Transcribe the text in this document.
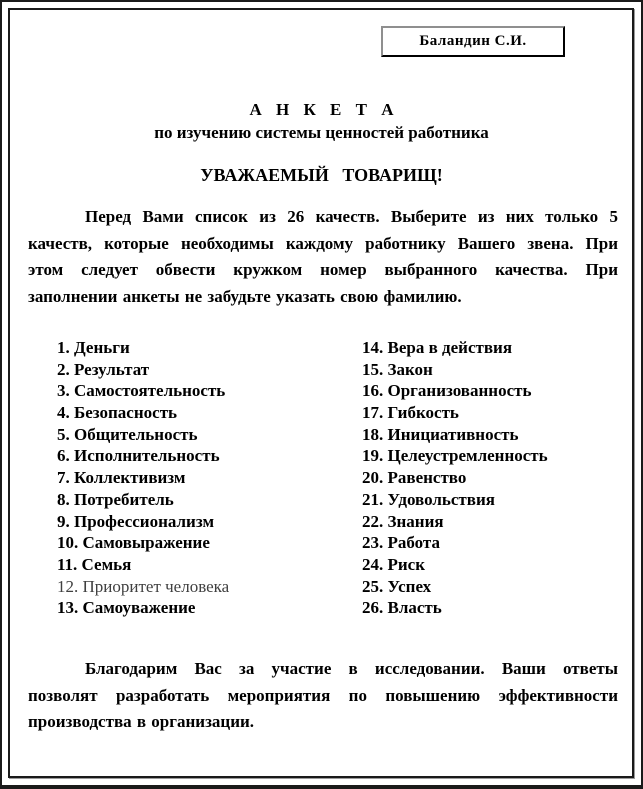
Баландин С.И.
А Н К Е Т А
по изучению системы ценностей работника
УВАЖАЕМЫЙ ТОВАРИЩ!
Перед Вами список из 26 качеств. Выберите из них только 5
качеств, которые необходимы каждому работнику Вашего звена. При
этом следует обвести кружком номер выбранного качества. При
заполнении анкеты не забудьте указать свою фамилию.
1. Деньги
2. Результат
3. Самостоятельность
4. Безопасность
5. Общительность
6. Исполнительность
7. Коллективизм
8. Потребитель
9. Профессионализм
10. Самовыражение
11. Семья
12. Приоритет человека
13. Самоуважение
14. Вера в действия
15. Закон
16. Организованность
17. Гибкость
18. Инициативность
19. Целеустремленность
20. Равенство
21. Удовольствия
22. Знания
23. Работа
24. Риск
25. Успех
26. Власть
Благодарим Вас за участие в исследовании. Ваши ответы
позволят разработать мероприятия по повышению эффективности
производства в организации.
